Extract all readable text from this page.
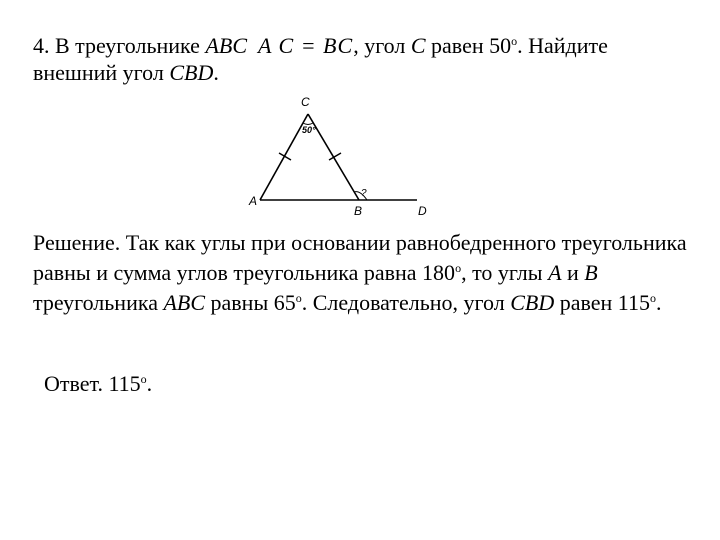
4. В треугольнике ABC A C = BC, угол C равен $50^о$. Найдите
внешний угол CBD.
C
50°
A
B	D
?

Решение. Так как углы при основании равнобедренного треугольника равны и сумма углов треугольника равна $180^о$, то углы A и B треугольника ABC равны $65^о$. Следовательно, угол CBD равен $115^о$.

Ответ. $115^о$.
